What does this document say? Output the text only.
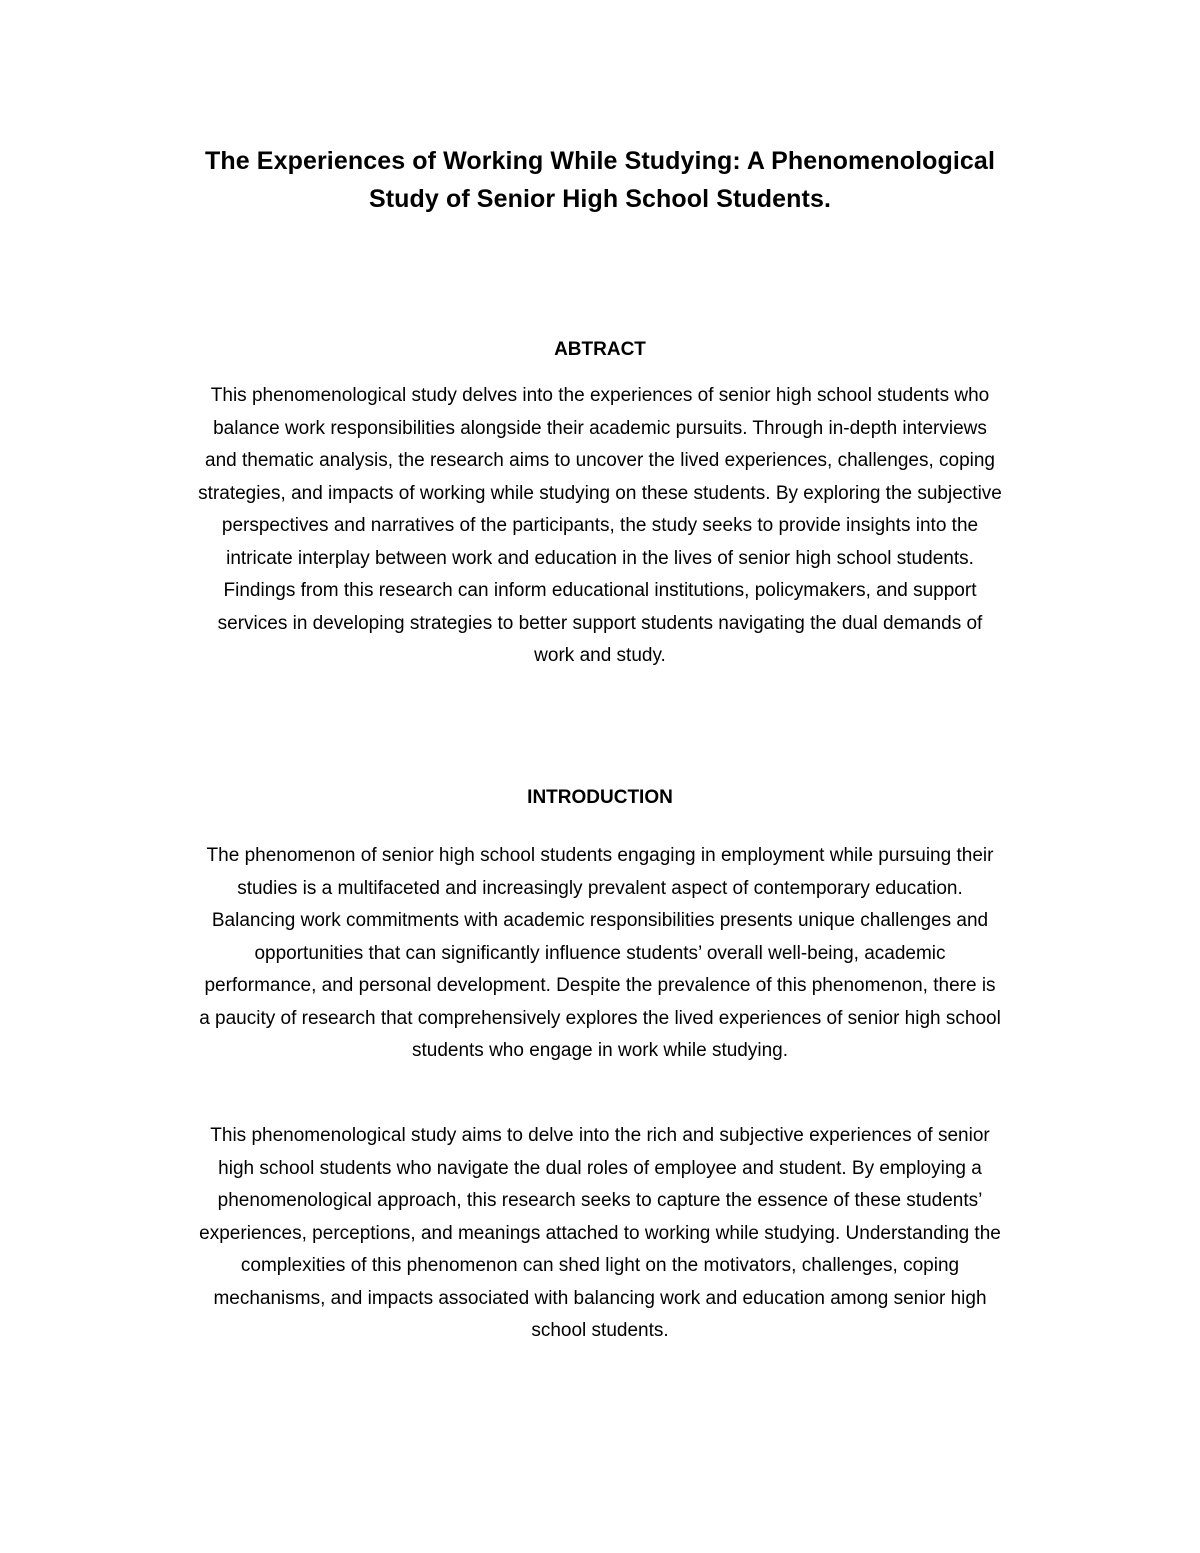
The Experiences of Working While Studying: A Phenomenological
Study of Senior High School Students.
ABTRACT

This phenomenological study delves into the experiences of senior high school students who
balance work responsibilities alongside their academic pursuits. Through in-depth interviews
and thematic analysis, the research aims to uncover the lived experiences, challenges, coping
strategies, and impacts of working while studying on these students. By exploring the subjective
perspectives and narratives of the participants, the study seeks to provide insights into the
intricate interplay between work and education in the lives of senior high school students.
Findings from this research can inform educational institutions, policymakers, and support
services in developing strategies to better support students navigating the dual demands of
work and study.

INTRODUCTION

The phenomenon of senior high school students engaging in employment while pursuing their
studies is a multifaceted and increasingly prevalent aspect of contemporary education.
Balancing work commitments with academic responsibilities presents unique challenges and
opportunities that can significantly influence students’ overall well-being, academic
performance, and personal development. Despite the prevalence of this phenomenon, there is
a paucity of research that comprehensively explores the lived experiences of senior high school
students who engage in work while studying.

This phenomenological study aims to delve into the rich and subjective experiences of senior
high school students who navigate the dual roles of employee and student. By employing a
phenomenological approach, this research seeks to capture the essence of these students’
experiences, perceptions, and meanings attached to working while studying. Understanding the
complexities of this phenomenon can shed light on the motivators, challenges, coping
mechanisms, and impacts associated with balancing work and education among senior high
school students.
